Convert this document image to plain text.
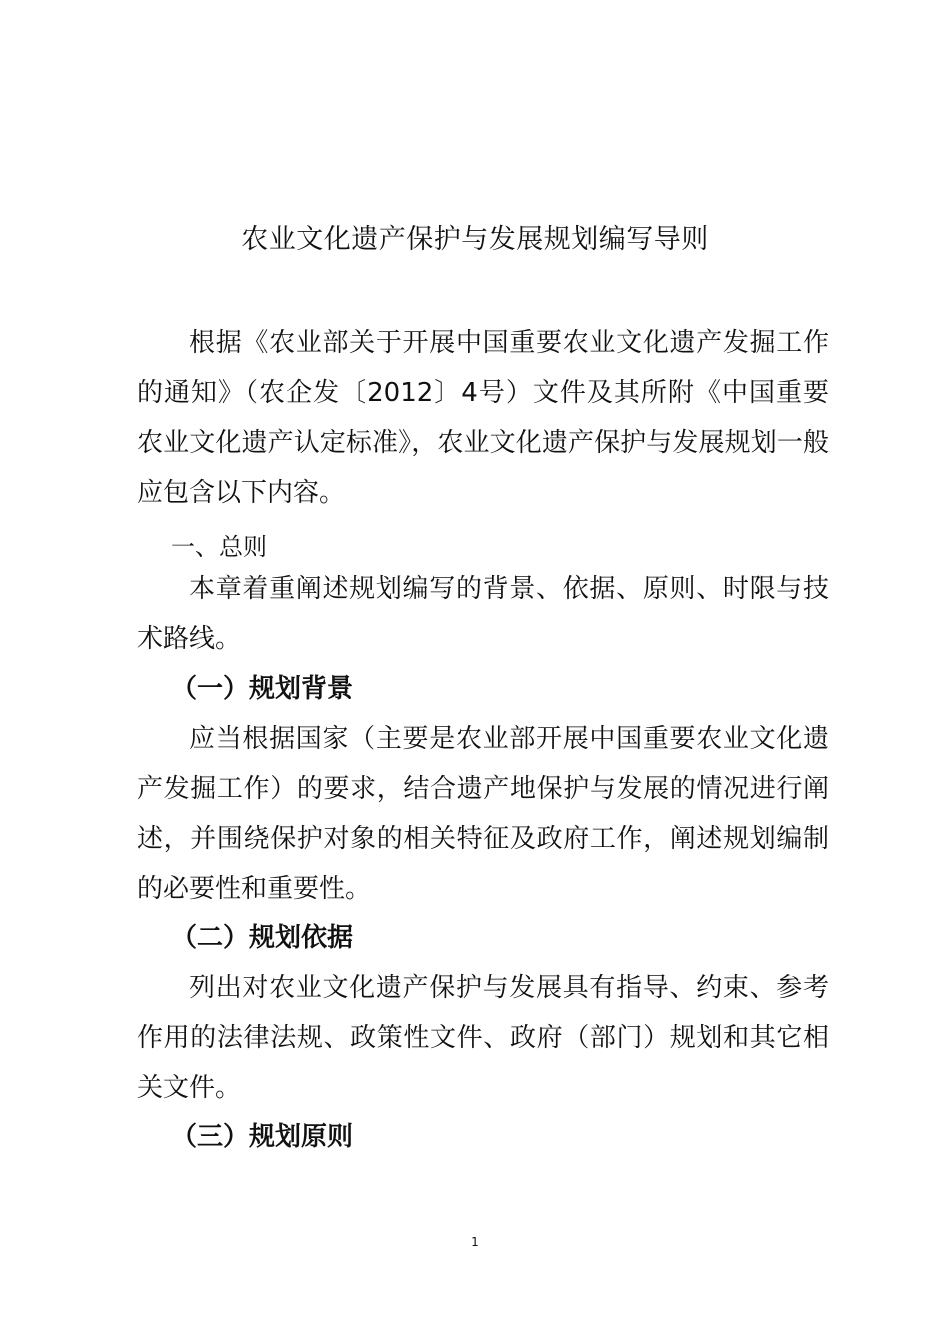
农业文化遗产保护与发展规划编写导则

根据《农业部关于开展中国重要农业文化遗产发掘工作的通知》（农企发〔2012〕4号）文件及其所附《中国重要农业文化遗产认定标准》，农业文化遗产保护与发展规划一般应包含以下内容。

一、总则

本章着重阐述规划编写的背景、依据、原则、时限与技术路线。

（一）规划背景

应当根据国家（主要是农业部开展中国重要农业文化遗产发掘工作）的要求，结合遗产地保护与发展的情况进行阐述，并围绕保护对象的相关特征及政府工作，阐述规划编制的必要性和重要性。

（二）规划依据

列出对农业文化遗产保护与发展具有指导、约束、参考作用的法律法规、政策性文件、政府（部门）规划和其它相关文件。

（三）规划原则
1
